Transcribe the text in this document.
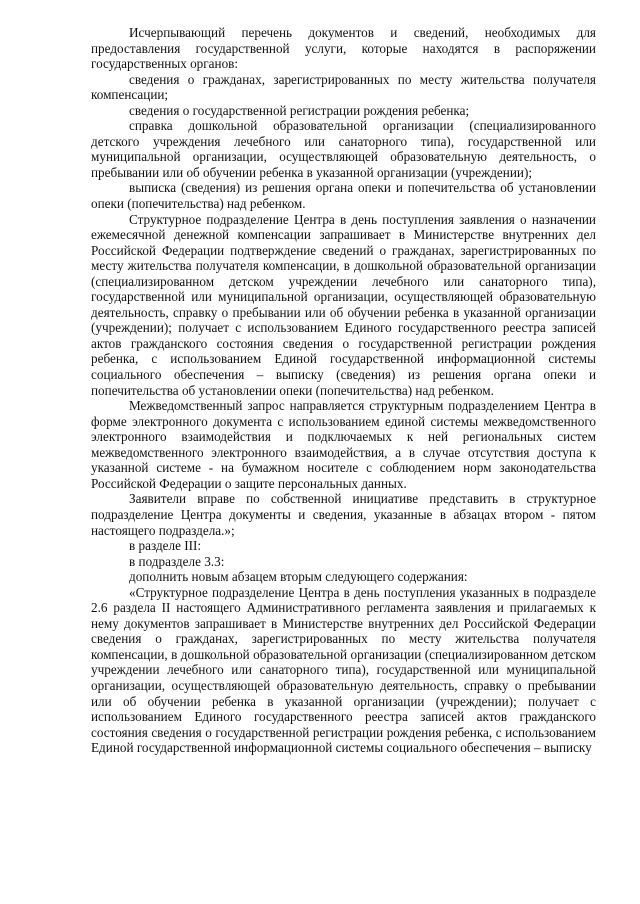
Исчерпывающий перечень документов и сведений, необходимых для предоставления государственной услуги, которые находятся в распоряжении государственных органов:

сведения о гражданах, зарегистрированных по месту жительства получателя компенсации;

сведения о государственной регистрации рождения ребенка;

справка дошкольной образовательной организации (специализированного детского учреждения лечебного или санаторного типа), государственной или муниципальной организации, осуществляющей образовательную деятельность, о пребывании или об обучении ребенка в указанной организации (учреждении);

выписка (сведения) из решения органа опеки и попечительства об установлении опеки (попечительства) над ребенком.

Структурное подразделение Центра в день поступления заявления о назначении ежемесячной денежной компенсации запрашивает в Министерстве внутренних дел Российской Федерации подтверждение сведений о гражданах, зарегистрированных по месту жительства получателя компенсации, в дошкольной образовательной организации (специализированном детском учреждении лечебного или санаторного типа), государственной или муниципальной организации, осуществляющей образовательную деятельность, справку о пребывании или об обучении ребенка в указанной организации (учреждении); получает с использованием Единого государственного реестра записей актов гражданского состояния сведения о государственной регистрации рождения ребенка, с использованием Единой государственной информационной системы социального обеспечения – выписку (сведения) из решения органа опеки и попечительства об установлении опеки (попечительства) над ребенком.

Межведомственный запрос направляется структурным подразделением Центра в форме электронного документа с использованием единой системы межведомственного электронного взаимодействия и подключаемых к ней региональных систем межведомственного электронного взаимодействия, а в случае отсутствия доступа к указанной системе - на бумажном носителе с соблюдением норм законодательства Российской Федерации о защите персональных данных.

Заявители вправе по собственной инициативе представить в структурное подразделение Центра документы и сведения, указанные в абзацах втором - пятом настоящего подраздела.»;

в разделе III:

в подразделе 3.3:

дополнить новым абзацем вторым следующего содержания:

«Структурное подразделение Центра в день поступления указанных в подразделе 2.6 раздела II настоящего Административного регламента заявления и прилагаемых к нему документов запрашивает в Министерстве внутренних дел Российской Федерации сведения о гражданах, зарегистрированных по месту жительства получателя компенсации, в дошкольной образовательной организации (специализированном детском учреждении лечебного или санаторного типа), государственной или муниципальной организации, осуществляющей образовательную деятельность, справку о пребывании или об обучении ребенка в указанной организации (учреждении); получает с использованием Единого государственного реестра записей актов гражданского состояния сведения о государственной регистрации рождения ребенка, с использованием Единой государственной информационной системы социального обеспечения – выписку
